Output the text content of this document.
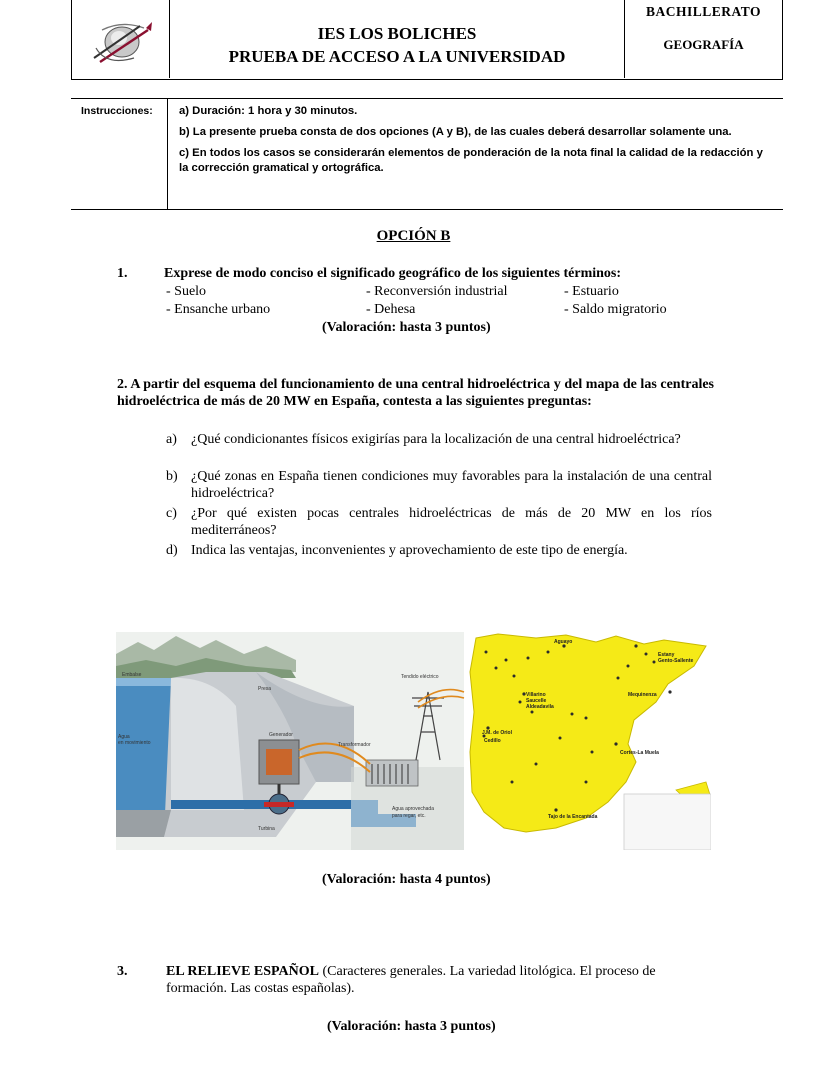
IES LOS BOLICHES
PRUEBA DE ACCESO A LA UNIVERSIDAD
BACHILLERATO
GEOGRAFÍA
Instrucciones: a) Duración: 1 hora y 30 minutos.
b) La presente prueba consta de dos opciones (A y B), de las cuales deberá desarrollar solamente una.
c) En todos los casos se considerarán elementos de ponderación de la nota final la calidad de la redacción y la corrección gramatical y ortográfica.
OPCIÓN B
1.	Exprese de modo conciso el significado geográfico de los siguientes términos:
- Suelo	- Reconversión industrial	- Estuario
- Ensanche urbano	- Dehesa	- Saldo migratorio
(Valoración: hasta 3 puntos)
2. A partir del esquema del funcionamiento de una central hidroeléctrica y del mapa de las centrales hidroeléctrica de más de 20 MW en España, contesta a las siguientes preguntas:
a) ¿Qué condicionantes físicos exigirías para la localización de una central hidroeléctrica?
b) ¿Qué zonas en España tienen condiciones muy favorables para la instalación de una central hidroeléctrica?
c) ¿Por qué existen pocas centrales hidroeléctricas de más de 20 MW en los ríos mediterráneos?
d) Indica las ventajas, inconvenientes y aprovechamiento de este tipo de energía.
Embalse
Presa
Tendido eléctrico
Generador
Transformador
Agua
en movimiento
Turbina
Agua aprovechada
para regar, etc.
Aguayo
Estany
Gento-Sallente
Villarino
Saucelle
Aldeadavila
Mequinenza
J.M. de Oriol
Cedillo
Cortes-La Muela
Tajo de la Encantada
(Valoración: hasta 4 puntos)
3.	EL RELIEVE ESPAÑOL (Caracteres generales. La variedad litológica. El proceso de formación. Las costas españolas).
(Valoración: hasta 3 puntos)
